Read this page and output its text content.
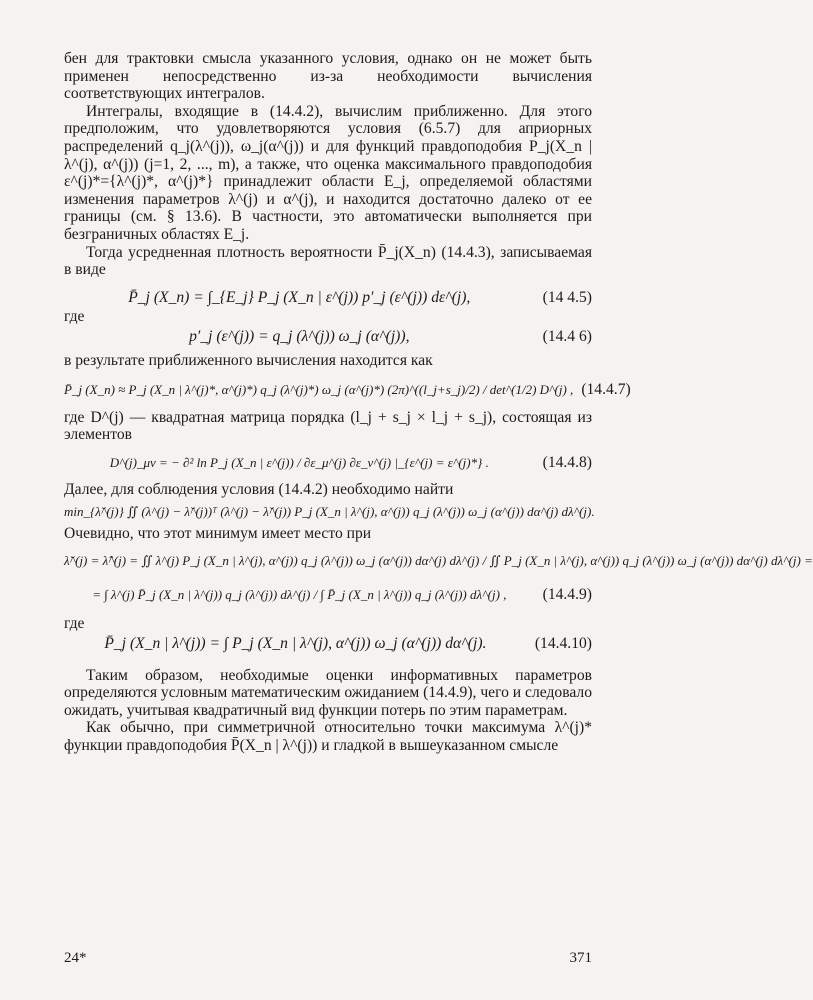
бен для трактовки смысла указанного условия, однако он не может быть применен непосредственно из-за необходимости вычисления соответствующих интегралов.

Интегралы, входящие в (14.4.2), вычислим приближенно. Для этого предположим, что удовлетворяются условия (6.5.7) для априорных распределений q_j(λ^(j)), ω_j(α^(j)) и для функций правдоподобия P_j(X_n | λ^(j), α^(j)) (j=1, 2, ..., m), а также, что оценка максимального правдоподобия ε^(j)*={λ^(j)*, α^(j)*} принадлежит области E_j, определяемой областями изменения параметров λ^(j) и α^(j), и находится достаточно далеко от ее границы (см. § 13.6). В частности, это автоматически выполняется при безграничных областях E_j.

Тогда усредненная плотность вероятности P̄_j(X_n) (14.4.3), записываемая в виде

P̄_j (X_n) = ∫_{E_j} P_j (X_n | ε^(j)) p′_j (ε^(j)) dε^(j),	(14 4.5)

где

p′_j (ε^(j)) = q_j (λ^(j)) ω_j (α^(j)),	(14.4 6)

в результате приближенного вычисления находится как

P̄_j (X_n) ≈ P_j (X_n | λ^(j)*, α^(j)*) q_j (λ^(j)*) ω_j (α^(j)*) (2π)^((l_j+s_j)/2) / det^(1/2) D^(j) , (14.4.7)

где D^(j) — квадратная матрица порядка (l_j + s_j × l_j + s_j), состоящая из элементов

D^(j)_μν = − ∂² ln P_j (X_n | ε^(j)) / ∂ε_μ^(j) ∂ε_ν^(j) |_{ε^(j) = ε^(j)*} .	(14.4.8)

Далее, для соблюдения условия (14.4.2) необходимо найти

min_{λ̆^(j)} ∬ (λ^(j) − λ̆^(j))ᵀ (λ^(j) − λ̆^(j)) P_j (X_n | λ^(j), α^(j)) q_j (λ^(j)) ω_j (α^(j)) dα^(j) dλ^(j).

Очевидно, что этот минимум имеет место при

λ̆^(j) = λ̂^(j) = ∬ λ^(j) P_j (X_n | λ^(j), α^(j)) q_j (λ^(j)) ω_j (α^(j)) dα^(j) dλ^(j) / ∬ P_j (X_n | λ^(j), α^(j)) q_j (λ^(j)) ω_j (α^(j)) dα^(j) dλ^(j) =
= ∫ λ^(j) P̄_j (X_n | λ^(j)) q_j (λ^(j)) dλ^(j) / ∫ P̄_j (X_n | λ^(j)) q_j (λ^(j)) dλ^(j) ,	(14.4.9)

где

P̄_j (X_n | λ^(j)) = ∫ P_j (X_n | λ^(j), α^(j)) ω_j (α^(j)) dα^(j).	(14.4.10)

Таким образом, необходимые оценки информативных параметров определяются условным математическим ожиданием (14.4.9), чего и следовало ожидать, учитывая квадратичный вид функции потерь по этим параметрам.

Как обычно, при симметричной относительно точки максимума λ^(j)* функции правдоподобия P̄(X_n | λ^(j)) и гладкой в вышеуказанном смысле

24*	371
